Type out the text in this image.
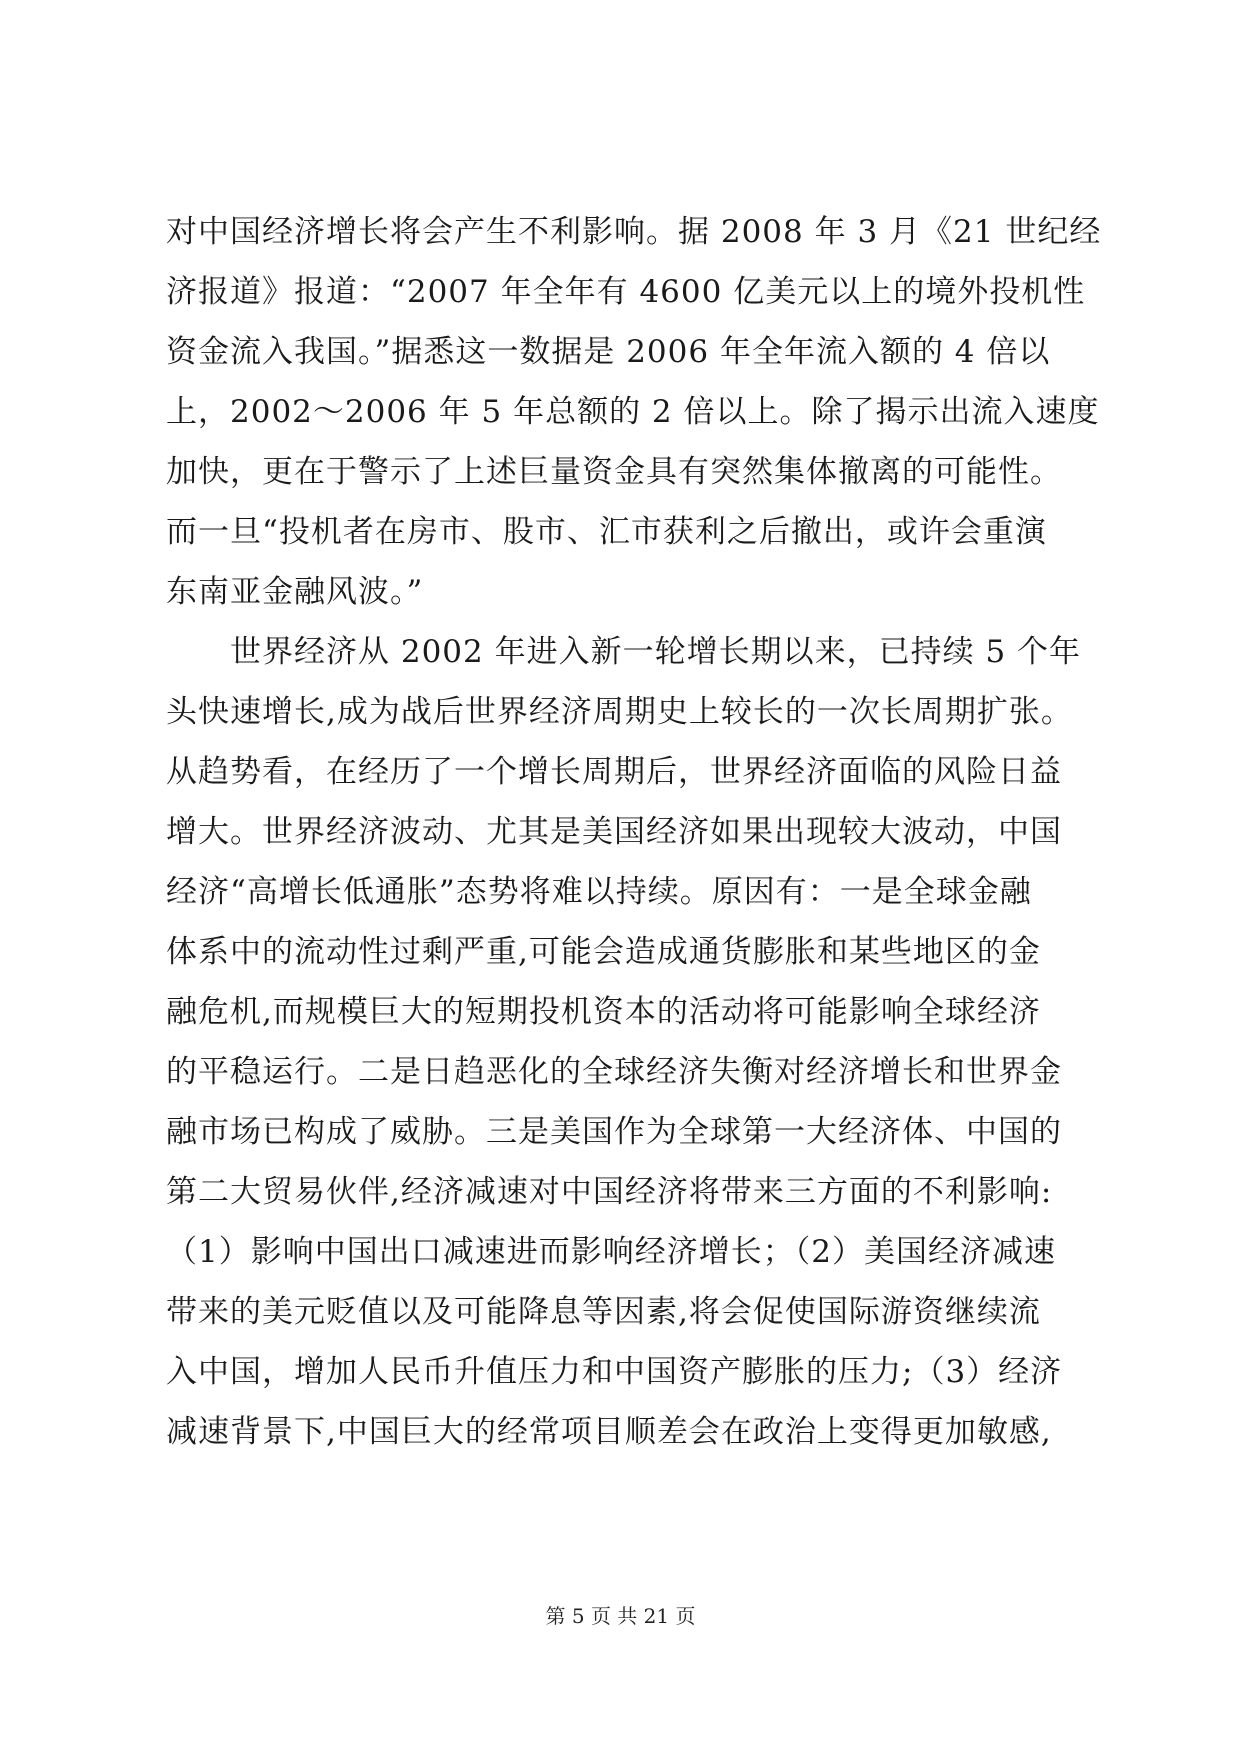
对中国经济增长将会产生不利影响。据 2008 年 3 月《21 世纪经
济报道》报道：“2007 年全年有 4600 亿美元以上的境外投机性
资金流入我国。”据悉这一数据是 2006 年全年流入额的 4 倍以
上，2002～2006 年 5 年总额的 2 倍以上。除了揭示出流入速度
加快，更在于警示了上述巨量资金具有突然集体撤离的可能性。
而一旦“投机者在房市、股市、汇市获利之后撤出，或许会重演
东南亚金融风波。”
世界经济从 2002 年进入新一轮增长期以来，已持续 5 个年
头快速增长,成为战后世界经济周期史上较长的一次长周期扩张。
从趋势看，在经历了一个增长周期后，世界经济面临的风险日益
增大。世界经济波动、尤其是美国经济如果出现较大波动，中国
经济“高增长低通胀”态势将难以持续。原因有：一是全球金融
体系中的流动性过剩严重,可能会造成通货膨胀和某些地区的金
融危机,而规模巨大的短期投机资本的活动将可能影响全球经济
的平稳运行。二是日趋恶化的全球经济失衡对经济增长和世界金
融市场已构成了威胁。三是美国作为全球第一大经济体、中国的
第二大贸易伙伴,经济减速对中国经济将带来三方面的不利影响:
（1）影响中国出口减速进而影响经济增长；（2）美国经济减速
带来的美元贬值以及可能降息等因素,将会促使国际游资继续流
入中国，增加人民币升值压力和中国资产膨胀的压力;（3）经济
减速背景下,中国巨大的经常项目顺差会在政治上变得更加敏感,
第 5 页 共 21 页
